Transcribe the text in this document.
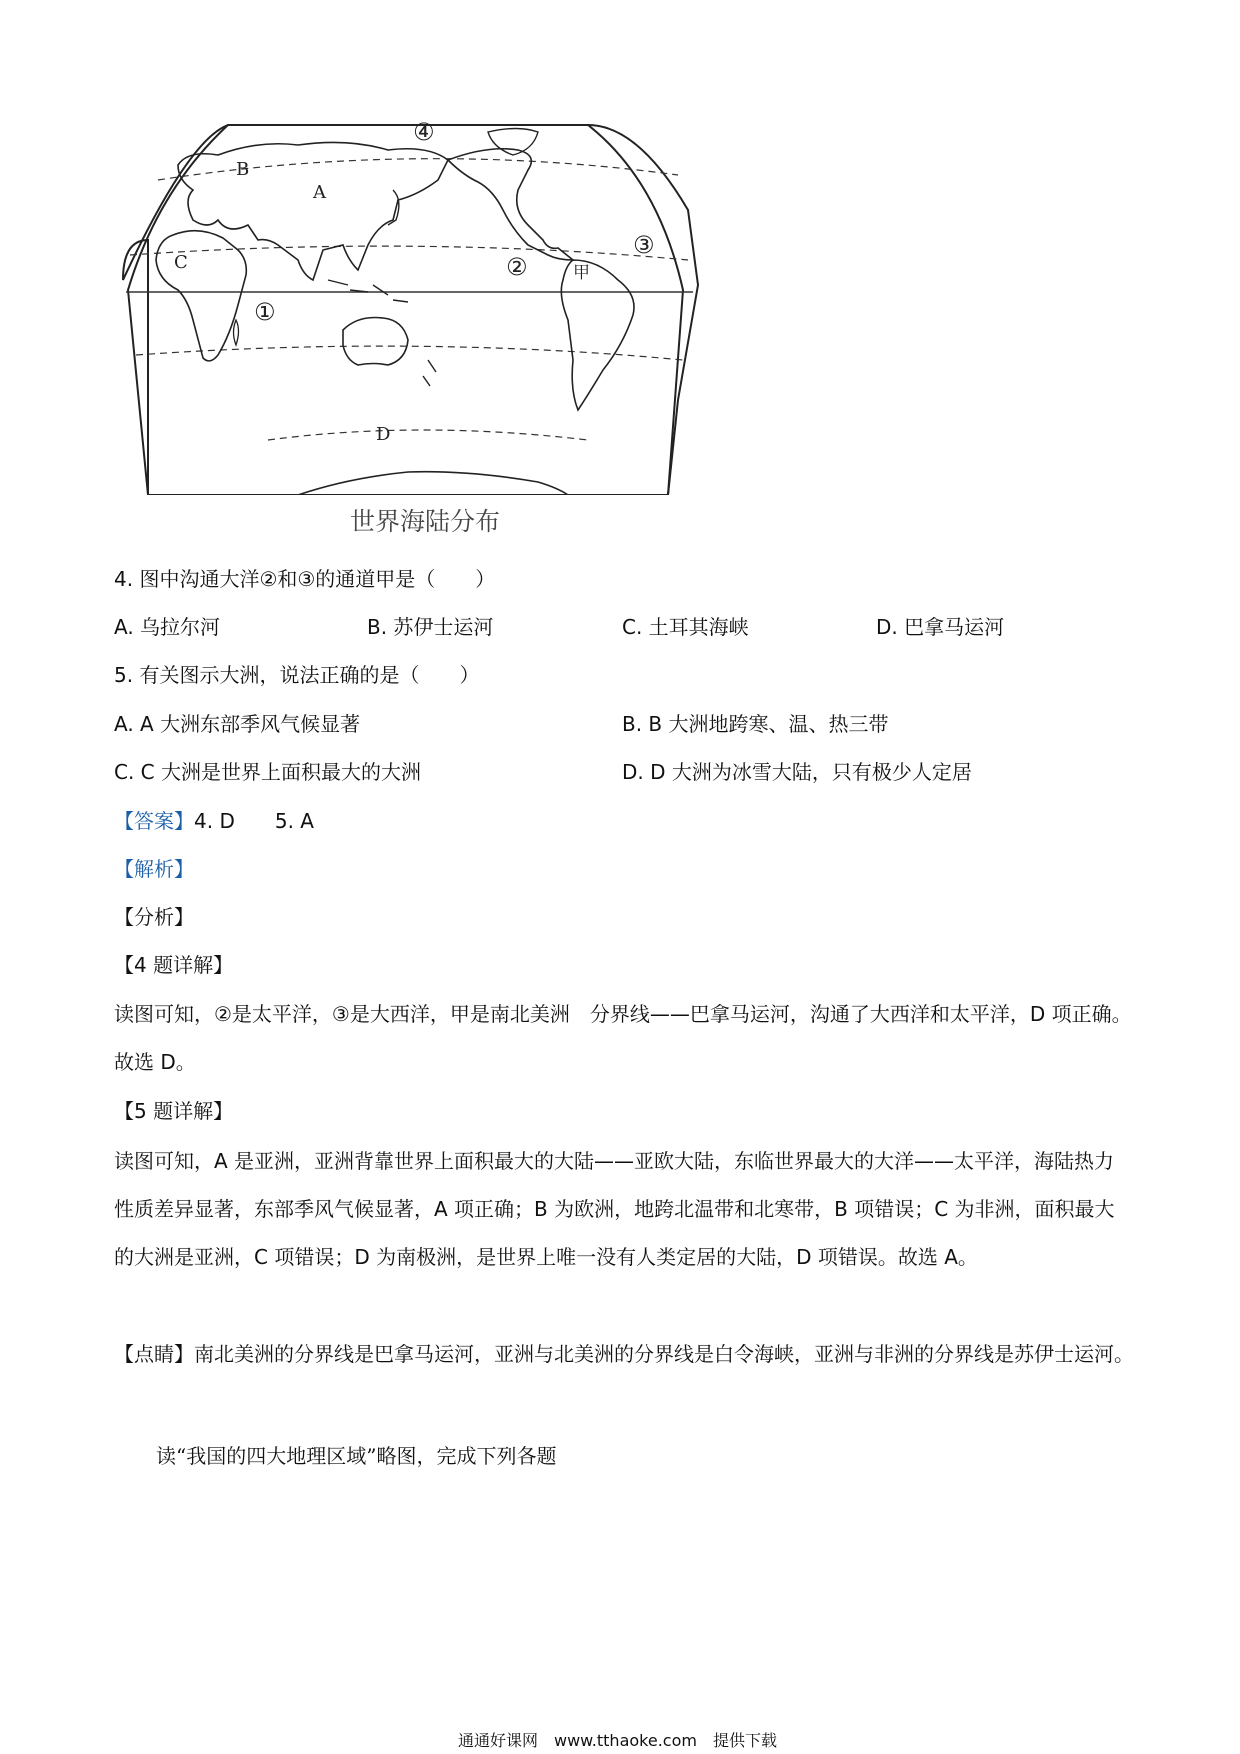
B
A
C
D
①
②
③
④
甲
世界海陆分布
4. 图中沟通大洋②和③的通道甲是（　　）
A. 乌拉尔河	B. 苏伊士运河	C. 土耳其海峡	D. 巴拿马运河
5. 有关图示大洲，说法正确的是（　　）
A. A 大洲东部季风气候显著	B. B 大洲地跨寒、温、热三带
C. C 大洲是世界上面积最大的大洲	D. D 大洲为冰雪大陆，只有极少人定居
【答案】4. D　　5. A
【解析】
【分析】
【4 题详解】
读图可知，②是太平洋，③是大西洋，甲是南北美洲　分界线——巴拿马运河，沟通了大西洋和太平洋，D 项正确。故选 D。
【5 题详解】
读图可知，A 是亚洲，亚洲背靠世界上面积最大的大陆——亚欧大陆，东临世界最大的大洋——太平洋，海陆热力性质差异显著，东部季风气候显著，A 项正确；B 为欧洲，地跨北温带和北寒带，B 项错误；C 为非洲，面积最大的大洲是亚洲，C 项错误；D 为南极洲，是世界上唯一没有人类定居的大陆，D 项错误。故选 A。
【点睛】南北美洲的分界线是巴拿马运河，亚洲与北美洲的分界线是白令海峡，亚洲与非洲的分界线是苏伊士运河。
读“我国的四大地理区域”略图，完成下列各题
通通好课网　www.tthaoke.com　提供下载
